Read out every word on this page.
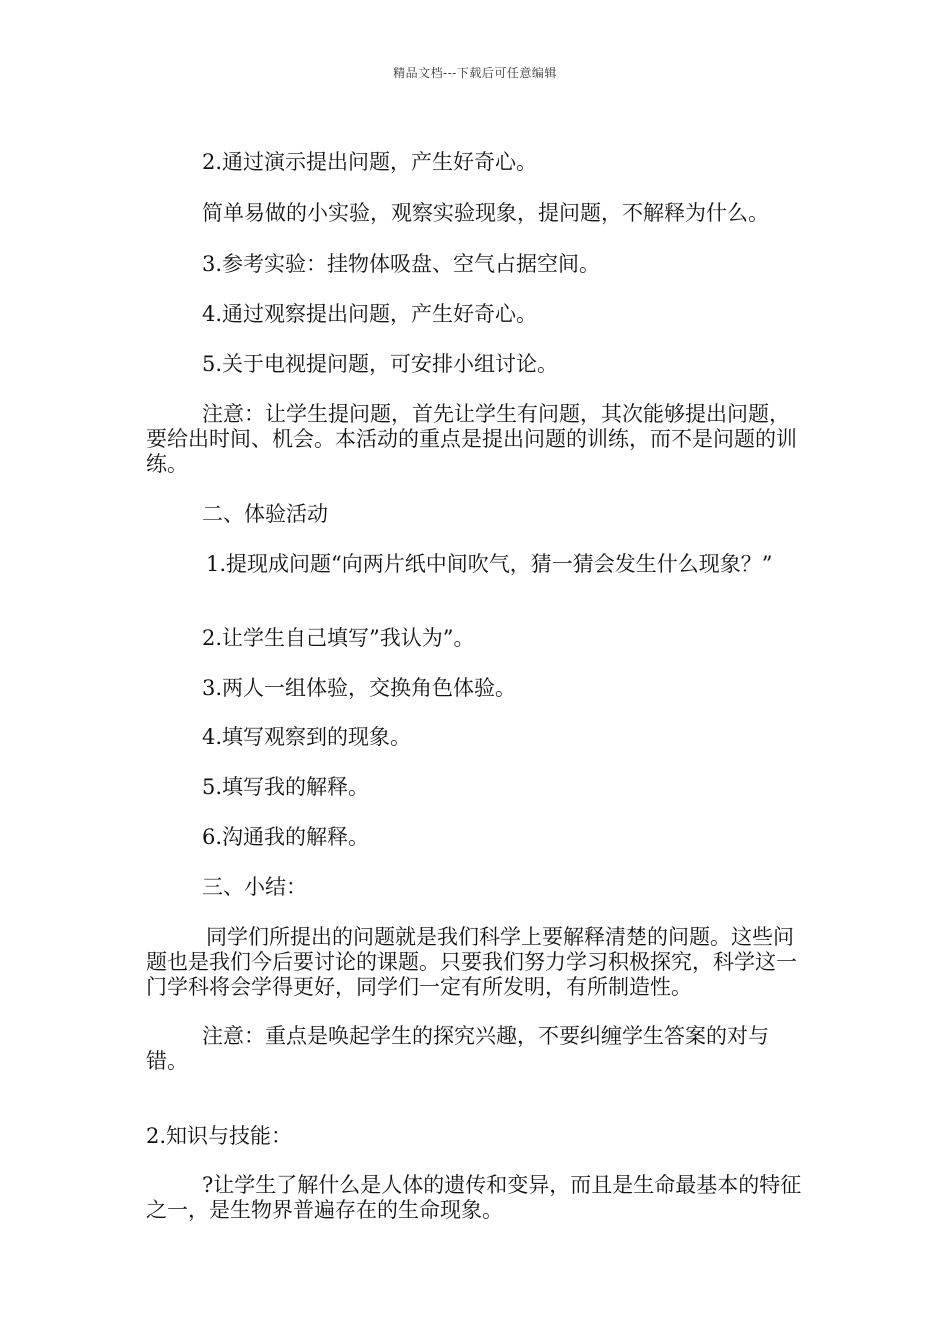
精品文档---下载后可任意编辑

2.通过演示提出问题，产生好奇心。

简单易做的小实验，观察实验现象，提问题，不解释为什么。

3.参考实验：挂物体吸盘、空气占据空间。

4.通过观察提出问题，产生好奇心。

5.关于电视提问题，可安排小组讨论。

注意：让学生提问题，首先让学生有问题，其次能够提出问题，要给出时间、机会。本活动的重点是提出问题的训练，而不是问题的训练。

二、体验活动

1.提现成问题“向两片纸中间吹气，猜一猜会发生什么现象？”

2.让学生自己填写”我认为”。

3.两人一组体验，交换角色体验。

4.填写观察到的现象。

5.填写我的解释。

6.沟通我的解释。

三、小结：

同学们所提出的问题就是我们科学上要解释清楚的问题。这些问题也是我们今后要讨论的课题。只要我们努力学习积极探究，科学这一门学科将会学得更好，同学们一定有所发明，有所制造性。

注意：重点是唤起学生的探究兴趣，不要纠缠学生答案的对与错。

2.知识与技能：

?让学生了解什么是人体的遗传和变异，而且是生命最基本的特征之一，是生物界普遍存在的生命现象。
